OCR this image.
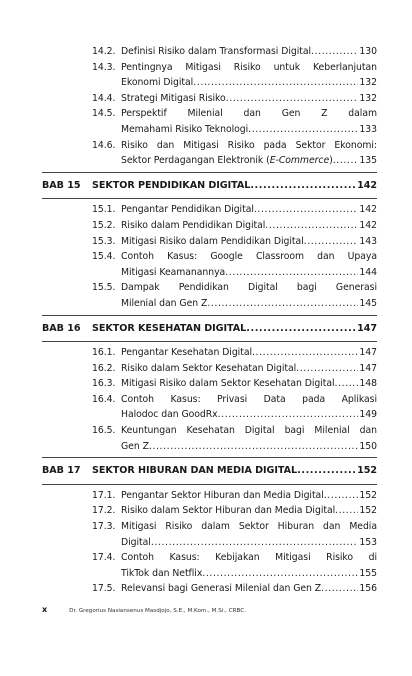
14.2. Definisi Risiko dalam Transformasi Digital .....	130
14.3. Pentingnya Mitigasi Risiko untuk Keberlanjutan
Ekonomi Digital .....	132
14.4. Strategi Mitigasi Risiko .....	132
14.5. Perspektif Milenial dan Gen Z dalam
Memahami Risiko Teknologi .....	133
14.6. Risiko dan Mitigasi Risiko pada Sektor Ekonomi:
Sektor Perdagangan Elektronik (E-Commerce) .....	135
BAB 15 SEKTOR PENDIDIKAN DIGITAL .....	142
15.1. Pengantar Pendidikan Digital .....	142
15.2. Risiko dalam Pendidikan Digital .....	142
15.3. Mitigasi Risiko dalam Pendidikan Digital .....	143
15.4. Contoh Kasus: Google Classroom dan Upaya
Mitigasi Keamanannya .....	144
15.5. Dampak Pendidikan Digital bagi Generasi
Milenial dan Gen Z .....	145
BAB 16 SEKTOR KESEHATAN DIGITAL .....	147
16.1. Pengantar Kesehatan Digital .....	147
16.2. Risiko dalam Sektor Kesehatan Digital .....	147
16.3. Mitigasi Risiko dalam Sektor Kesehatan Digital .....	148
16.4. Contoh Kasus: Privasi Data pada Aplikasi
Halodoc dan GoodRx .....	149
16.5. Keuntungan Kesehatan Digital bagi Milenial dan
Gen Z .....	150
BAB 17 SEKTOR HIBURAN DAN MEDIA DIGITAL .....	152
17.1. Pengantar Sektor Hiburan dan Media Digital .....	152
17.2. Risiko dalam Sektor Hiburan dan Media Digital .....	152
17.3. Mitigasi Risiko dalam Sektor Hiburan dan Media
Digital .....	153
17.4. Contoh Kasus: Kebijakan Mitigasi Risiko di
TikTok dan Netflix .....	155
17.5. Relevansi bagi Generasi Milenial dan Gen Z .....	156
x	Dr. Gregorius Nasiansenus Masdjojo, S.E., M.Kom., M.Si., CRBC.
